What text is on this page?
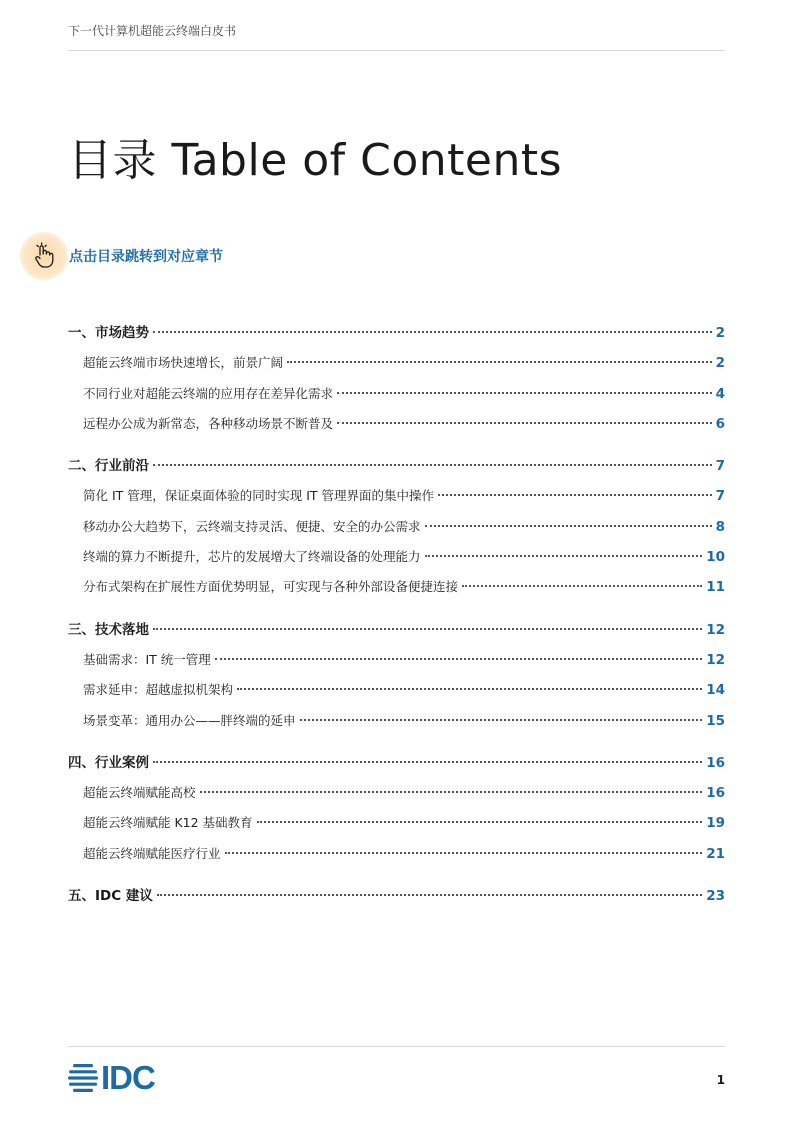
下一代计算机超能云终端白皮书
目录 Table of Contents
点击目录跳转到对应章节
一、市场趋势	2
超能云终端市场快速增长，前景广阔	2
不同行业对超能云终端的应用存在差异化需求	4
远程办公成为新常态，各种移动场景不断普及	6
二、行业前沿	7
简化 IT 管理，保证桌面体验的同时实现 IT 管理界面的集中操作	7
移动办公大趋势下，云终端支持灵活、便捷、安全的办公需求	8
终端的算力不断提升，芯片的发展增大了终端设备的处理能力	10
分布式架构在扩展性方面优势明显，可实现与各种外部设备便捷连接	11
三、技术落地	12
基础需求：IT 统一管理	12
需求延申：超越虚拟机架构	14
场景变革：通用办公——胖终端的延申	15
四、行业案例	16
超能云终端赋能高校	16
超能云终端赋能 K12 基础教育	19
超能云终端赋能医疗行业	21
五、IDC 建议	23
IDC	1
